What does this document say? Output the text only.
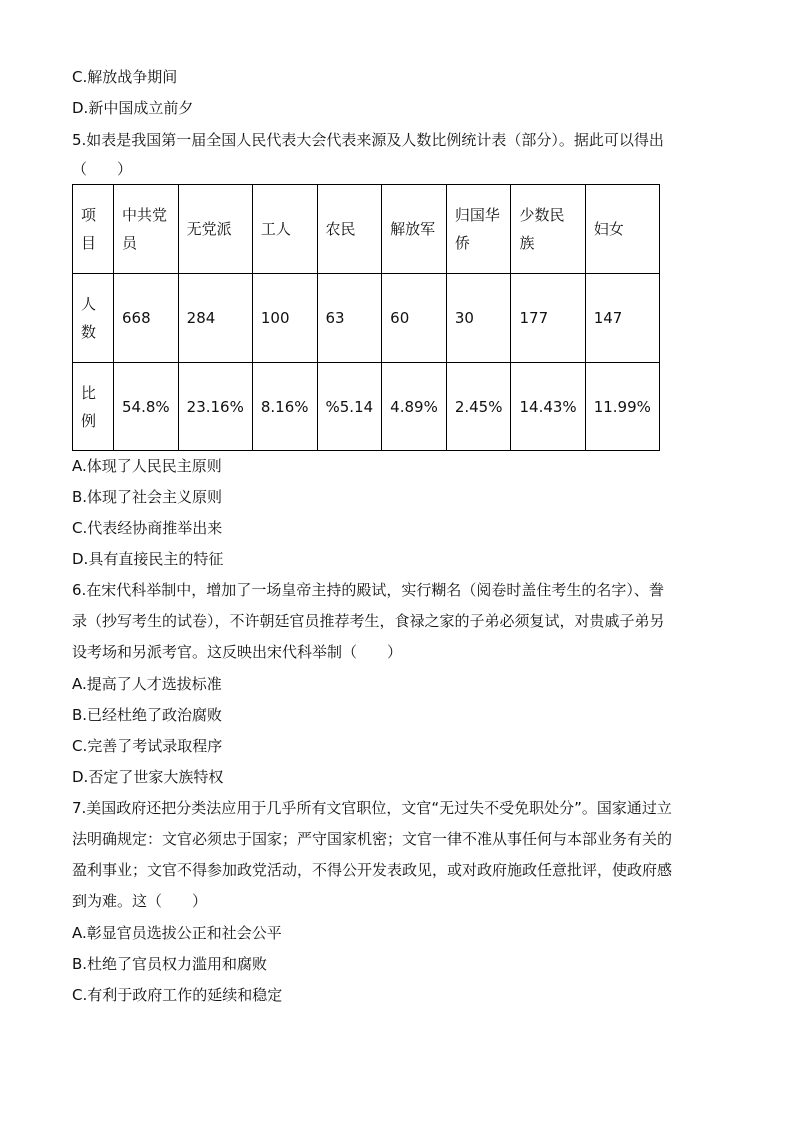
C.解放战争期间
D.新中国成立前夕
5.如表是我国第一届全国人民代表大会代表来源及人数比例统计表（部分）。据此可以得出
（　　）
项目	中共党员	无党派	工人	农民	解放军	归国华侨	少数民族	妇女
人数	668	284	100	63	60	30	177	147
比例	54.8%	23.16%	8.16%	%5.14	4.89%	2.45%	14.43%	11.99%
A.体现了人民民主原则
B.体现了社会主义原则
C.代表经协商推举出来
D.具有直接民主的特征
6.在宋代科举制中，增加了一场皇帝主持的殿试，实行糊名（阅卷时盖住考生的名字）、誊
录（抄写考生的试卷），不许朝廷官员推荐考生，食禄之家的子弟必须复试，对贵戚子弟另
设考场和另派考官。这反映出宋代科举制（　　）
A.提高了人才选拔标准
B.已经杜绝了政治腐败
C.完善了考试录取程序
D.否定了世家大族特权
7.美国政府还把分类法应用于几乎所有文官职位，文官“无过失不受免职处分”。国家通过立
法明确规定：文官必须忠于国家；严守国家机密；文官一律不准从事任何与本部业务有关的
盈利事业；文官不得参加政党活动，不得公开发表政见，或对政府施政任意批评，使政府感
到为难。这（　　）
A.彰显官员选拔公正和社会公平
B.杜绝了官员权力滥用和腐败
C.有利于政府工作的延续和稳定
